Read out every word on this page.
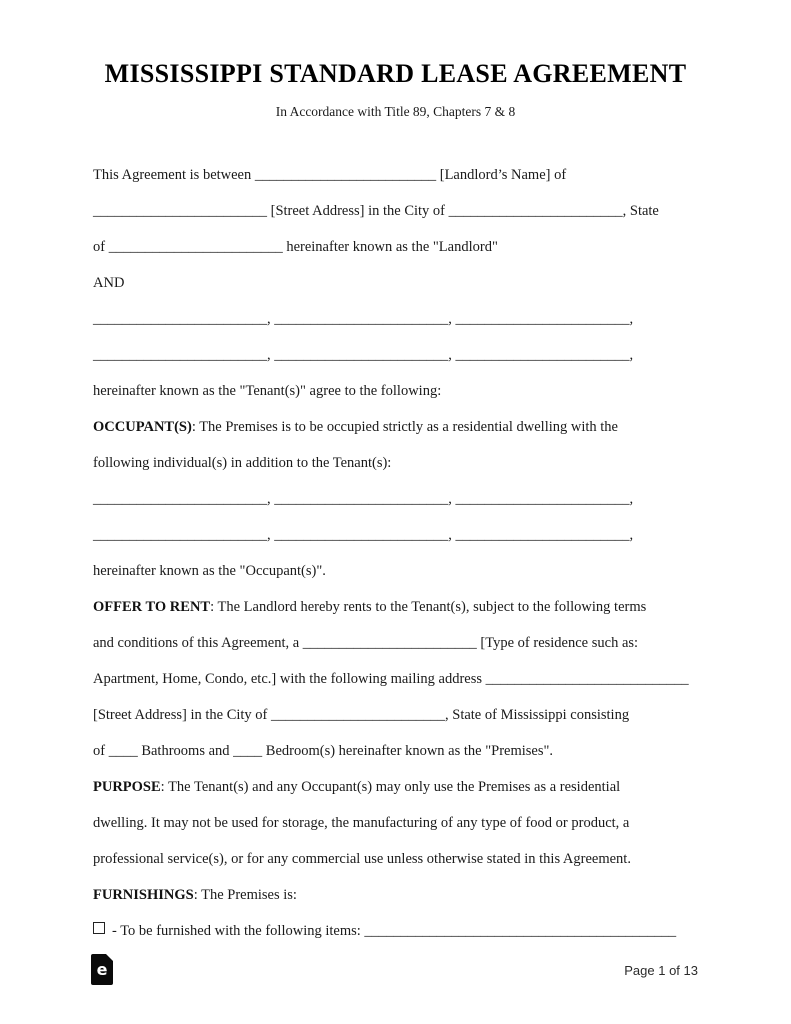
MISSISSIPPI STANDARD LEASE AGREEMENT
In Accordance with Title 89, Chapters 7 & 8
This Agreement is between _________________________ [Landlord’s Name] of
________________________ [Street Address] in the City of ________________________, State
of ________________________ hereinafter known as the "Landlord"
AND
________________________, ________________________, ________________________,
________________________, ________________________, ________________________,
hereinafter known as the "Tenant(s)" agree to the following:
OCCUPANT(S): The Premises is to be occupied strictly as a residential dwelling with the
following individual(s) in addition to the Tenant(s):
________________________, ________________________, ________________________,
________________________, ________________________, ________________________,
hereinafter known as the "Occupant(s)".
OFFER TO RENT: The Landlord hereby rents to the Tenant(s), subject to the following terms
and conditions of this Agreement, a ________________________ [Type of residence such as:
Apartment, Home, Condo, etc.] with the following mailing address ____________________________
[Street Address] in the City of ________________________, State of Mississippi consisting
of ____ Bathrooms and ____ Bedroom(s) hereinafter known as the "Premises".
PURPOSE: The Tenant(s) and any Occupant(s) may only use the Premises as a residential
dwelling. It may not be used for storage, the manufacturing of any type of food or product, a
professional service(s), or for any commercial use unless otherwise stated in this Agreement.
FURNISHINGS: The Premises is:
- To be furnished with the following items: ___________________________________________
e	Page 1 of 13
